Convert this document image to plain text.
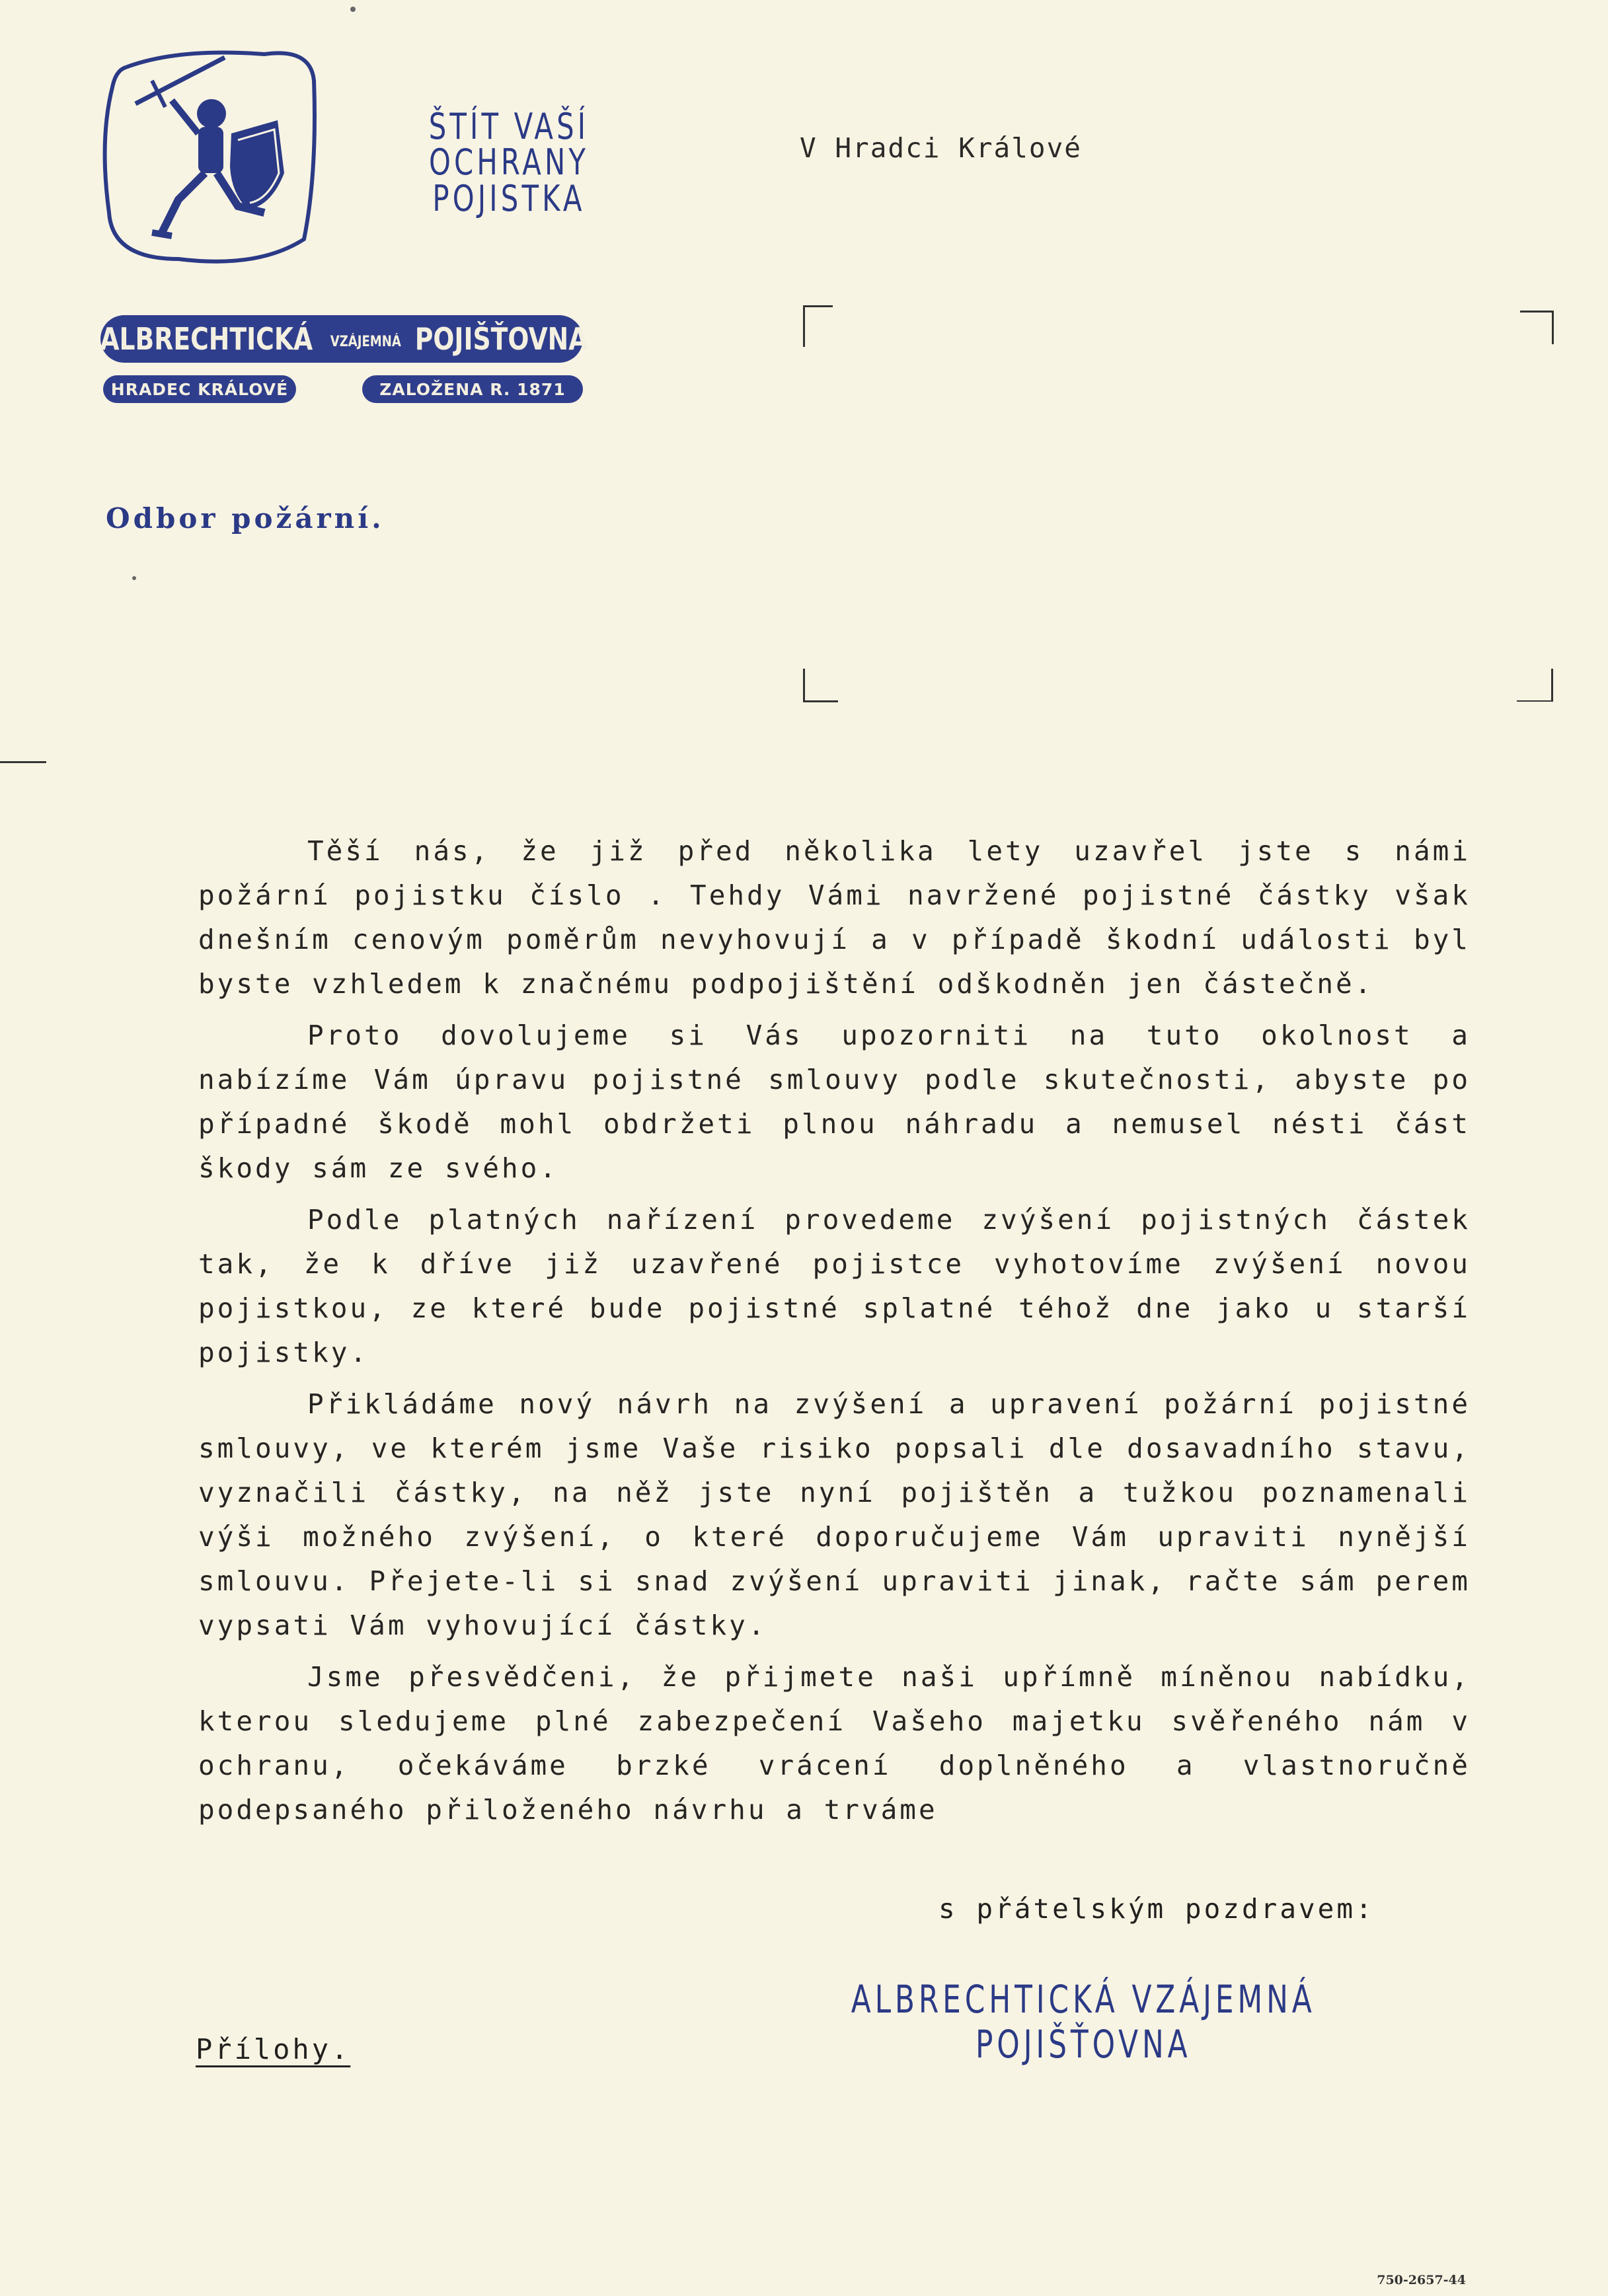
ŠTÍT VAŠÍ OCHRANY
POJISTKA
V Hradci Králové
ALBRECHTICKÁ VZÁJEMNÁ POJIŠŤOVNA
HRADEC KRÁLOVÉ	ZALOŽENA R. 1871
Odbor požární.

Těší nás, že již před několika lety uzavřel jste s námi požární pojistku číslo . Tehdy Vámi navržené pojistné částky však dnešním cenovým poměrům nevyhovují a v případě škodní události byl byste vzhledem k značnému podpojištění odškodněn jen částečně.

Proto dovolujeme si Vás upozorniti na tuto okolnost a nabízíme Vám úpravu pojistné smlouvy podle skutečnosti, abyste po případné škodě mohl obdržeti plnou náhradu a nemusel nésti část škody sám ze svého.

Podle platných nařízení provedeme zvýšení pojistných částek tak, že k dříve již uzavřené pojistce vyhotovíme zvýšení novou pojistkou, ze které bude pojistné splatné téhož dne jako u starší pojistky.

Přikládáme nový návrh na zvýšení a upravení požární pojistné smlouvy, ve kterém jsme Vaše risiko popsali dle dosavadního stavu, vyznačili částky, na něž jste nyní pojištěn a tužkou poznamenali výši možného zvýšení, o které doporučujeme Vám upraviti nynější smlouvu. Přejete-li si snad zvýšení upraviti jinak, račte sám perem vypsati Vám vyhovující částky.

Jsme přesvědčeni, že přijmete naši upřímně míněnou nabídku, kterou sledujeme plné zabezpečení Vašeho majetku svěřeného nám v ochranu, očekáváme brzké vrácení doplněného a vlastnoručně podepsaného přiloženého návrhu a trváme

s přátelským pozdravem:
ALBRECHTICKÁ VZÁJEMNÁ POJIŠŤOVNA
Přílohy.
750-2657-44
